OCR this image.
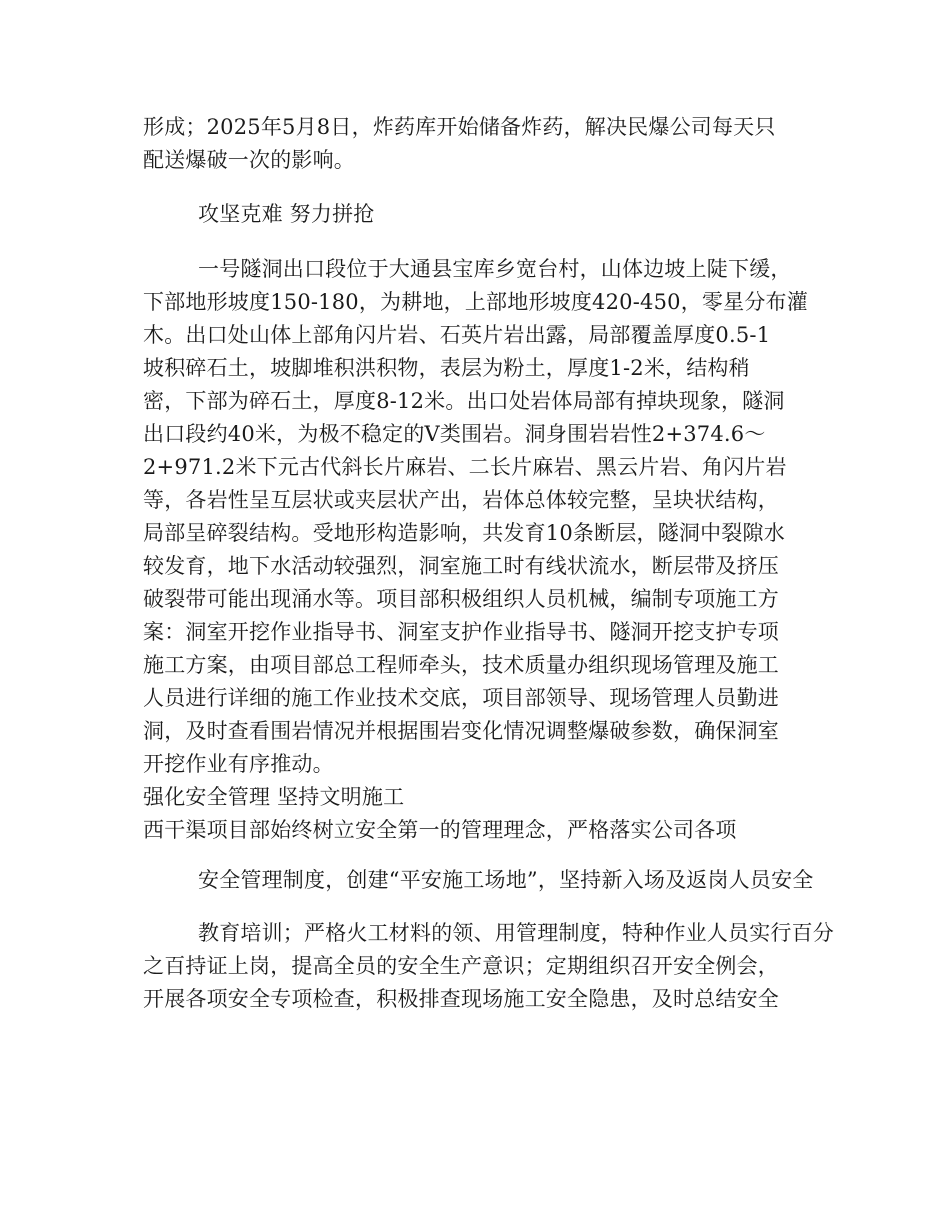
形成；2025年5月8日，炸药库开始储备炸药，解决民爆公司每天只
配送爆破一次的影响。
攻坚克难 努力拼抢
一号隧洞出口段位于大通县宝库乡宽台村，山体边坡上陡下缓，
下部地形坡度150-180，为耕地，上部地形坡度420-450，零星分布灌
木。出口处山体上部角闪片岩、石英片岩出露，局部覆盖厚度0.5-1
坡积碎石土，坡脚堆积洪积物，表层为粉土，厚度1-2米，结构稍
密，下部为碎石土，厚度8-12米。出口处岩体局部有掉块现象，隧洞
出口段约40米，为极不稳定的Ⅴ类围岩。洞身围岩岩性2+374.6～
2+971.2米下元古代斜长片麻岩、二长片麻岩、黑云片岩、角闪片岩
等，各岩性呈互层状或夹层状产出，岩体总体较完整，呈块状结构，
局部呈碎裂结构。受地形构造影响，共发育10条断层，隧洞中裂隙水
较发育，地下水活动较强烈，洞室施工时有线状流水，断层带及挤压
破裂带可能出现涌水等。项目部积极组织人员机械，编制专项施工方
案：洞室开挖作业指导书、洞室支护作业指导书、隧洞开挖支护专项
施工方案，由项目部总工程师牵头，技术质量办组织现场管理及施工
人员进行详细的施工作业技术交底，项目部领导、现场管理人员勤进
洞，及时查看围岩情况并根据围岩变化情况调整爆破参数，确保洞室
开挖作业有序推动。
强化安全管理 坚持文明施工
西干渠项目部始终树立安全第一的管理理念，严格落实公司各项
安全管理制度，创建“平安施工场地”，坚持新入场及返岗人员安全
教育培训；严格火工材料的领、用管理制度，特种作业人员实行百分
之百持证上岗，提高全员的安全生产意识；定期组织召开安全例会，
开展各项安全专项检查，积极排查现场施工安全隐患，及时总结安全
